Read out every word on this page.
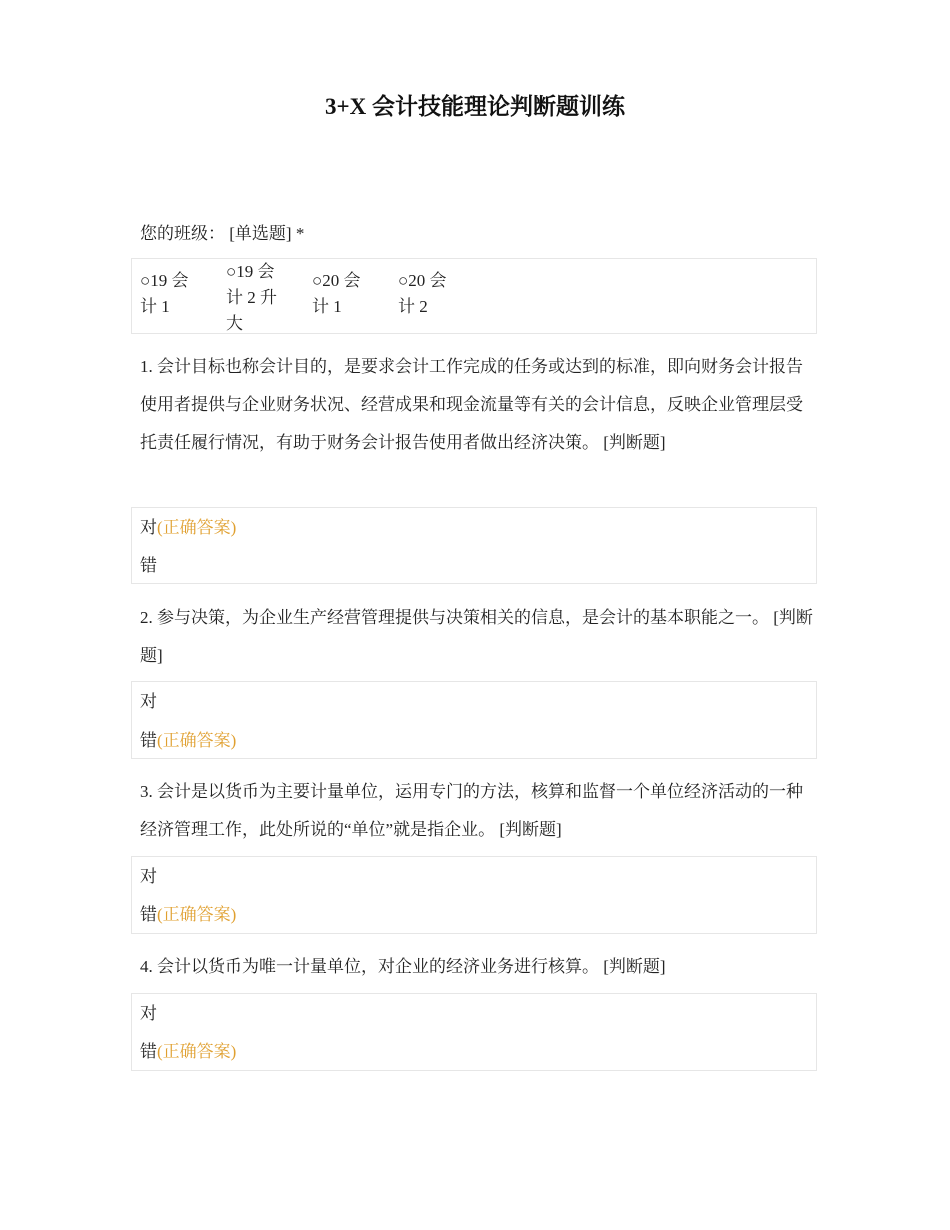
3+X 会计技能理论判断题训练
您的班级： [单选题] *
○19 会计 1
○19 会计 2 升大
○20 会计 1
○20 会计 2

1. 会计目标也称会计目的，是要求会计工作完成的任务或达到的标准，即向财务会计报告使用者提供与企业财务状况、经营成果和现金流量等有关的会计信息，反映企业管理层受托责任履行情况，有助于财务会计报告使用者做出经济决策。 [判断题]

对(正确答案)
错

2. 参与决策，为企业生产经营管理提供与决策相关的信息，是会计的基本职能之一。 [判断题]

对
错(正确答案)

3. 会计是以货币为主要计量单位，运用专门的方法，核算和监督一个单位经济活动的一种经济管理工作，此处所说的“单位”就是指企业。 [判断题]

对
错(正确答案)

4. 会计以货币为唯一计量单位，对企业的经济业务进行核算。 [判断题]

对
错(正确答案)
